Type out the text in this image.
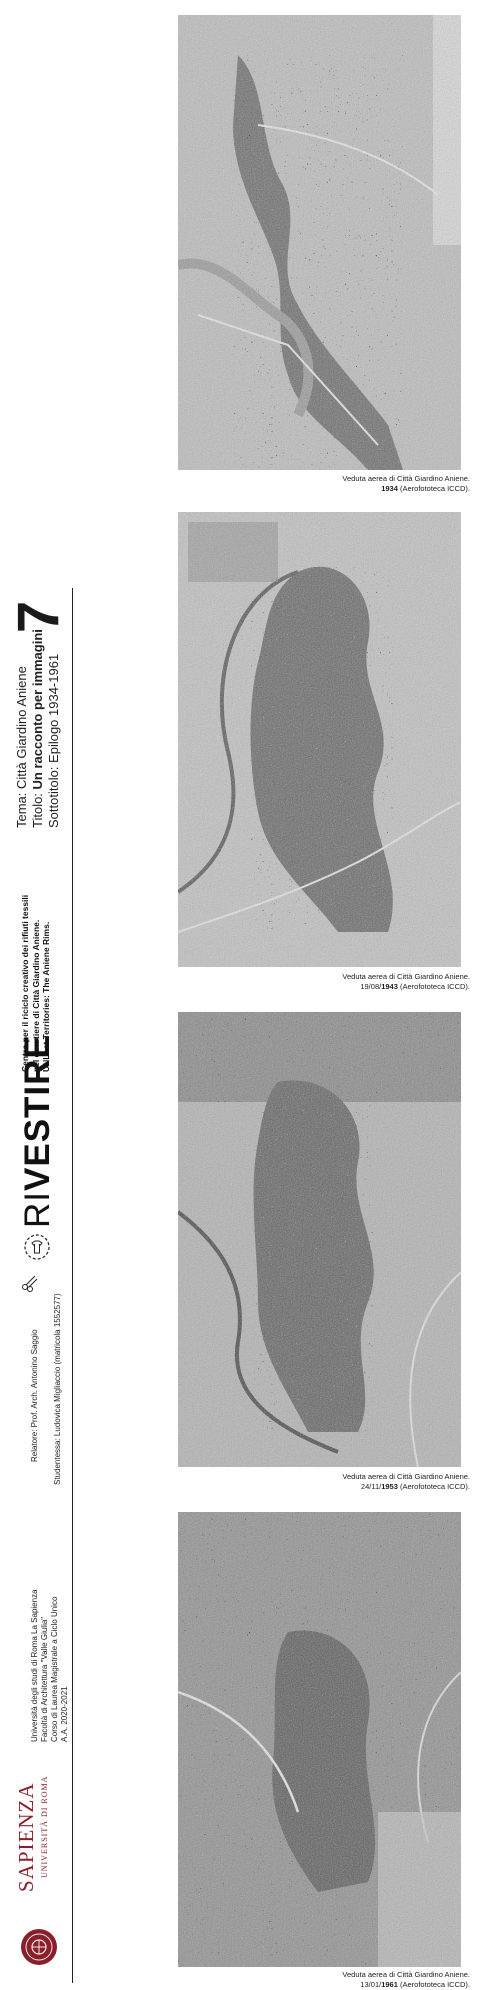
7
Tema: Città Giardino Aniene Titolo: Un racconto per immagini Sottotitolo: Epilogo 1934-1961
Centro per il riciclo creativo dei rifiuti tessili nel quartiere di Città Giardino Aniene. UNLost Territories: The Aniene Rims.
RIVESTIRE
Relatore: Prof. Arch. Antonino Saggio Studentessa: Ludovica Migliaccio (matricola 1552577)
Università degli studi di Roma La Sapienza Facoltà di Architettura "Valle Giulia" Corso di Laurea Magistrale a Ciclo Unico A.A. 2020-2021
SAPIENZA UNIVERSITÀ DI ROMA
Veduta aerea di Città Giardino Aniene.
1934 (Aerofototeca ICCD).
Veduta aerea di Città Giardino Aniene.
19/08/1943 (Aerofototeca ICCD).
Veduta aerea di Città Giardino Aniene.
24/11/1953 (Aerofototeca ICCD).
Veduta aerea di Città Giardino Aniene.
13/01/1961 (Aerofototeca ICCD).
